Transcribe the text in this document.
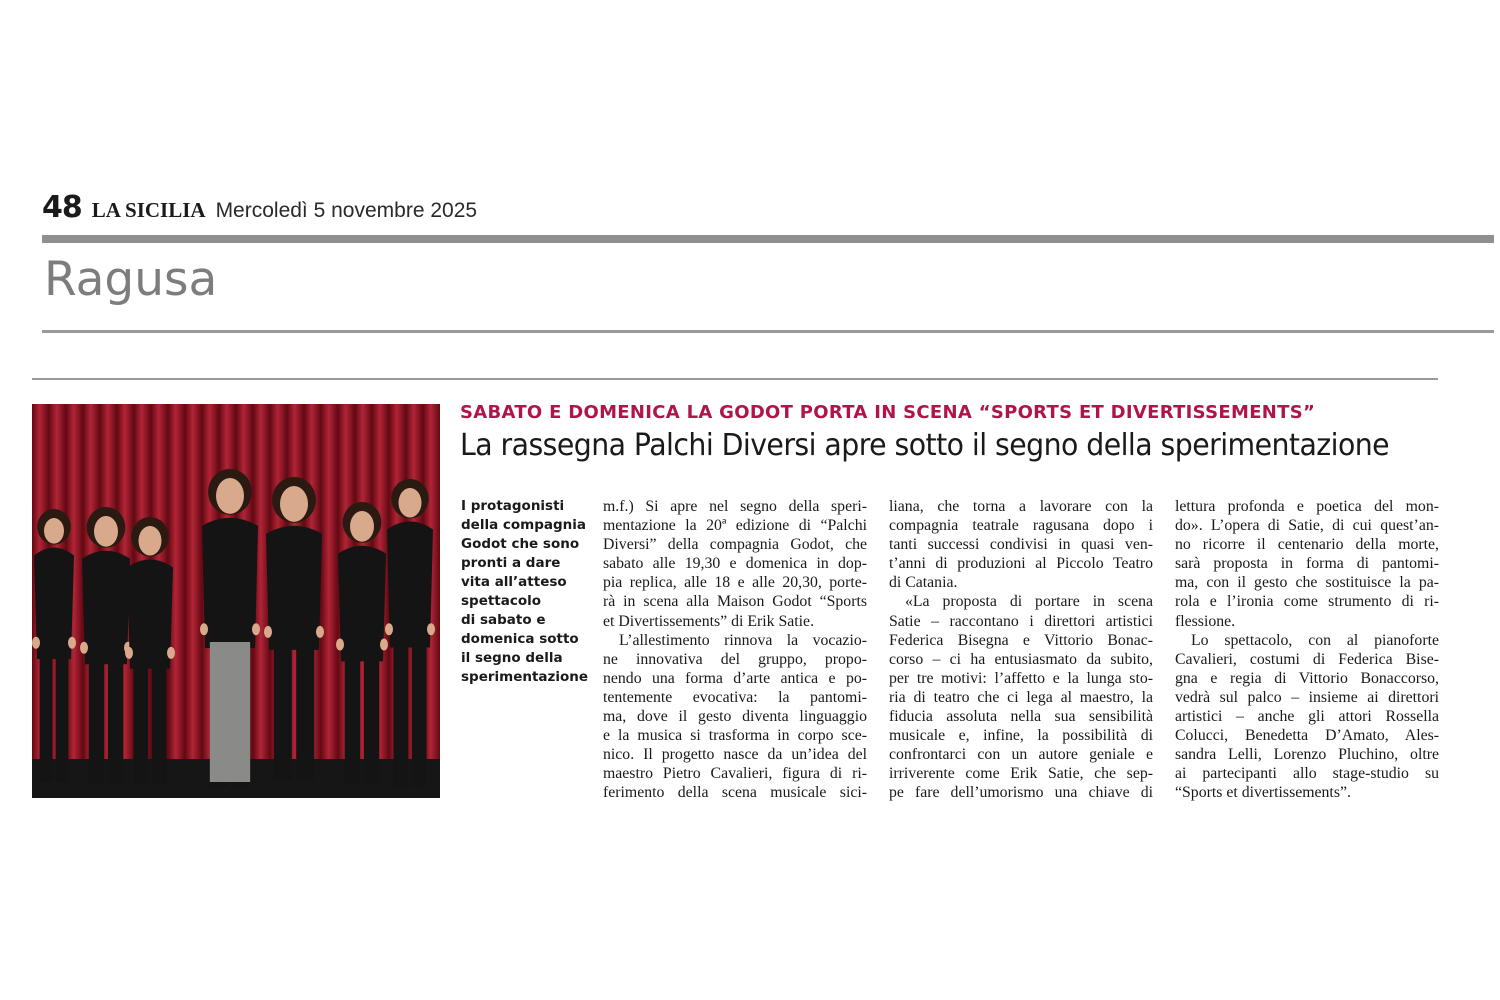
48 LA SICILIA Mercoledì 5 novembre 2025
Ragusa
SABATO E DOMENICA LA GODOT PORTA IN SCENA “SPORTS ET DIVERTISSEMENTS”
La rassegna Palchi Diversi apre sotto il segno della sperimentazione
I protagonisti
della compagnia
Godot che sono
pronti a dare
vita all’atteso
spettacolo
di sabato e
domenica sotto
il segno della
sperimentazione
m.f.) Si apre nel segno della speri-
mentazione la 20ª edizione di “Palchi
Diversi” della compagnia Godot, che
sabato alle 19,30 e domenica in dop-
pia replica, alle 18 e alle 20,30, porte-
rà in scena alla Maison Godot “Sports
et Divertissements” di Erik Satie.
L’allestimento rinnova la vocazio-
ne innovativa del gruppo, propo-
nendo una forma d’arte antica e po-
tentemente evocativa: la pantomi-
ma, dove il gesto diventa linguaggio
e la musica si trasforma in corpo sce-
nico. Il progetto nasce da un’idea del
maestro Pietro Cavalieri, figura di ri-
ferimento della scena musicale sici-
liana, che torna a lavorare con la
compagnia teatrale ragusana dopo i
tanti successi condivisi in quasi ven-
t’anni di produzioni al Piccolo Teatro
di Catania.
«La proposta di portare in scena
Satie – raccontano i direttori artistici
Federica Bisegna e Vittorio Bonac-
corso – ci ha entusiasmato da subito,
per tre motivi: l’affetto e la lunga sto-
ria di teatro che ci lega al maestro, la
fiducia assoluta nella sua sensibilità
musicale e, infine, la possibilità di
confrontarci con un autore geniale e
irriverente come Erik Satie, che sep-
pe fare dell’umorismo una chiave di
lettura profonda e poetica del mon-
do». L’opera di Satie, di cui quest’an-
no ricorre il centenario della morte,
sarà proposta in forma di pantomi-
ma, con il gesto che sostituisce la pa-
rola e l’ironia come strumento di ri-
flessione.
Lo spettacolo, con al pianoforte
Cavalieri, costumi di Federica Bise-
gna e regia di Vittorio Bonaccorso,
vedrà sul palco – insieme ai direttori
artistici – anche gli attori Rossella
Colucci, Benedetta D’Amato, Ales-
sandra Lelli, Lorenzo Pluchino, oltre
ai partecipanti allo stage-studio su
“Sports et divertissements”.
